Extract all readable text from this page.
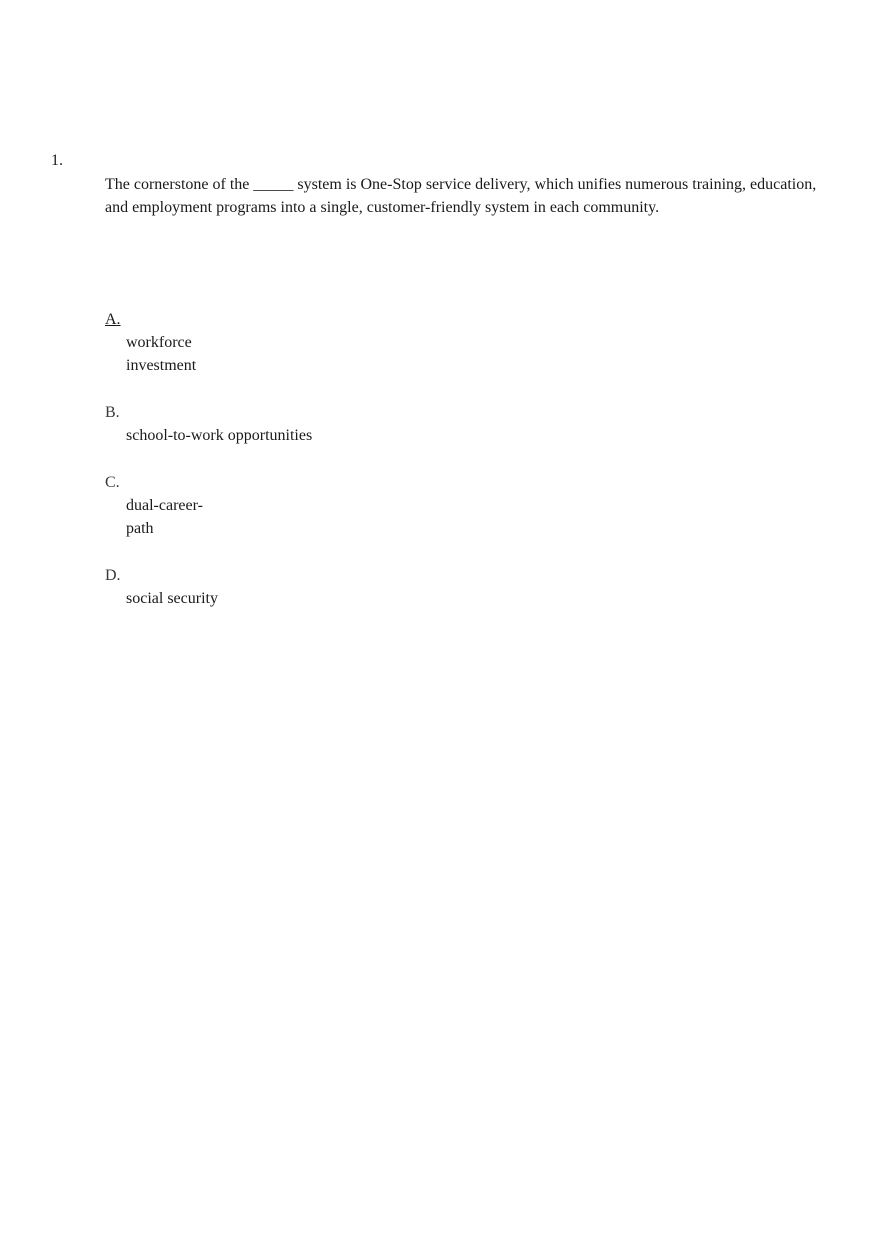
1.

The cornerstone of the _____ system is One-Stop service delivery, which unifies numerous training, education, and employment programs into a single, customer-friendly system in each community.

A.
workforce investment
B.
school-to-work opportunities
C.
dual-career-path
D.
social security
